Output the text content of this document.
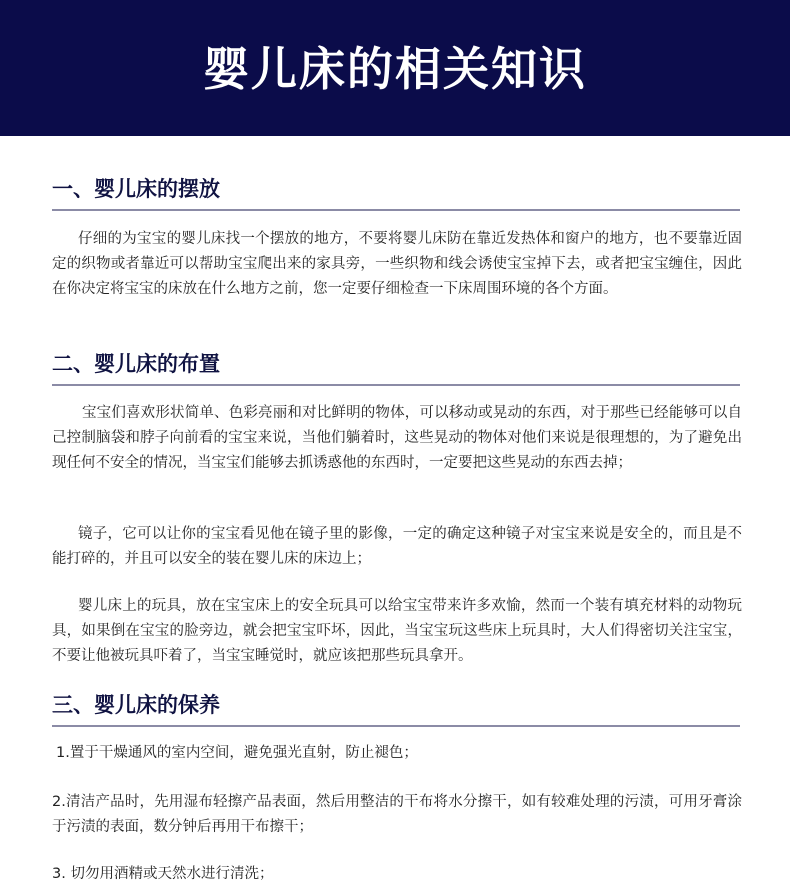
婴儿床的相关知识
一、婴儿床的摆放

仔细的为宝宝的婴儿床找一个摆放的地方，不要将婴儿床防在靠近发热体和窗户的地方，也不要靠近固定的织物或者靠近可以帮助宝宝爬出来的家具旁，一些织物和线会诱使宝宝掉下去，或者把宝宝缠住，因此在你决定将宝宝的床放在什么地方之前，您一定要仔细检查一下床周围环境的各个方面。

二、婴儿床的布置

宝宝们喜欢形状简单、色彩亮丽和对比鲜明的物体，可以移动或晃动的东西，对于那些已经能够可以自己控制脑袋和脖子向前看的宝宝来说，当他们躺着时，这些晃动的物体对他们来说是很理想的，为了避免出现任何不安全的情况，当宝宝们能够去抓诱惑他的东西时，一定要把这些晃动的东西去掉；

镜子，它可以让你的宝宝看见他在镜子里的影像，一定的确定这种镜子对宝宝来说是安全的，而且是不能打碎的，并且可以安全的装在婴儿床的床边上；

婴儿床上的玩具，放在宝宝床上的安全玩具可以给宝宝带来许多欢愉，然而一个装有填充材料的动物玩具，如果倒在宝宝的脸旁边，就会把宝宝吓坏，因此，当宝宝玩这些床上玩具时，大人们得密切关注宝宝，不要让他被玩具吓着了，当宝宝睡觉时，就应该把那些玩具拿开。

三、婴儿床的保养

1.置于干燥通风的室内空间，避免强光直射，防止褪色；

2.清洁产品时，先用湿布轻擦产品表面，然后用整洁的干布将水分擦干，如有较难处理的污渍，可用牙膏涂于污渍的表面，数分钟后再用干布擦干；

3. 切勿用酒精或天然水进行清洗；
